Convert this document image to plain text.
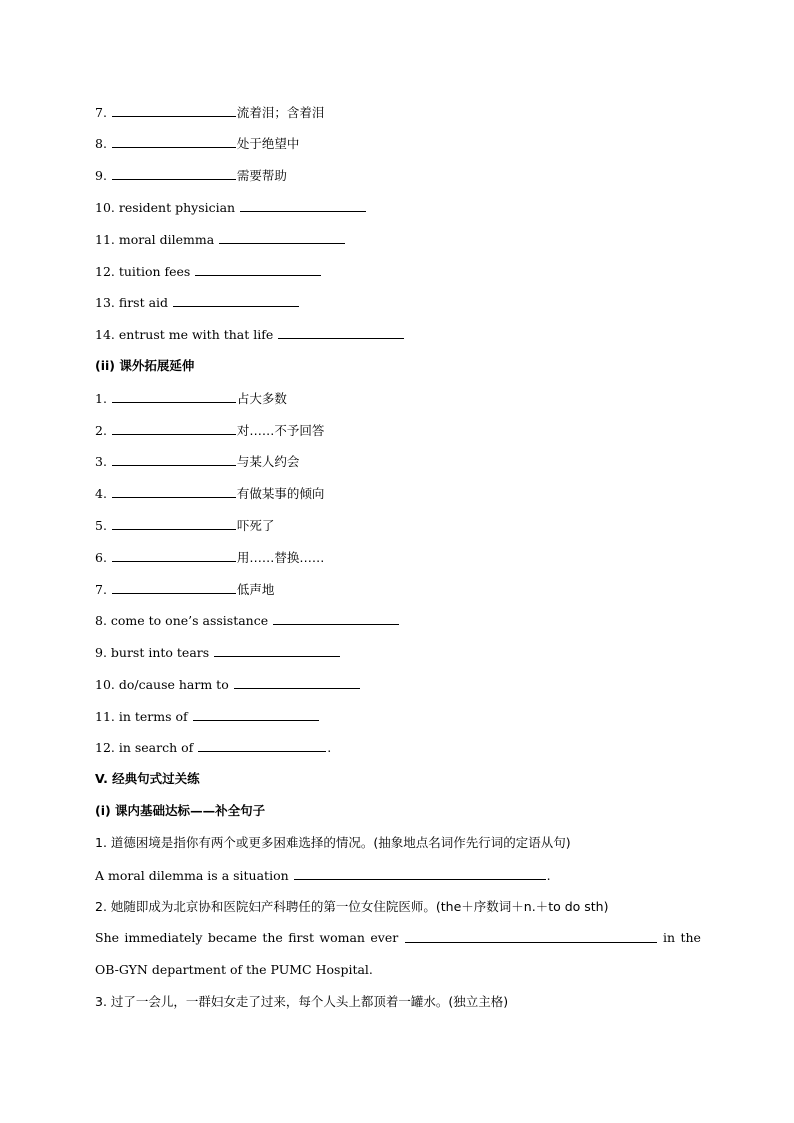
7.	流着泪；含着泪
8.	处于绝望中
9.	需要帮助
10. resident physician
11. moral dilemma
12. tuition fees
13. first aid
14. entrust me with that life
(ii) 课外拓展延伸
1.	占大多数
2.	对……不予回答
3.	与某人约会
4.	有做某事的倾向
5.	吓死了
6.	用……替换……
7.	低声地
8. come to one’s assistance
9. burst into tears
10. do/cause harm to
11. in terms of
12. in search of	.
V. 经典句式过关练
(i) 课内基础达标——补全句子
1. 道德困境是指你有两个或更多困难选择的情况。(抽象地点名词作先行词的定语从句)
A moral dilemma is a situation	.
2. 她随即成为北京协和医院妇产科聘任的第一位女住院医师。(the＋序数词＋n.＋to do sth)
She immediately became the first woman ever	in the
OB-GYN department of the PUMC Hospital.
3. 过了一会儿，一群妇女走了过来，每个人头上都顶着一罐水。(独立主格)
